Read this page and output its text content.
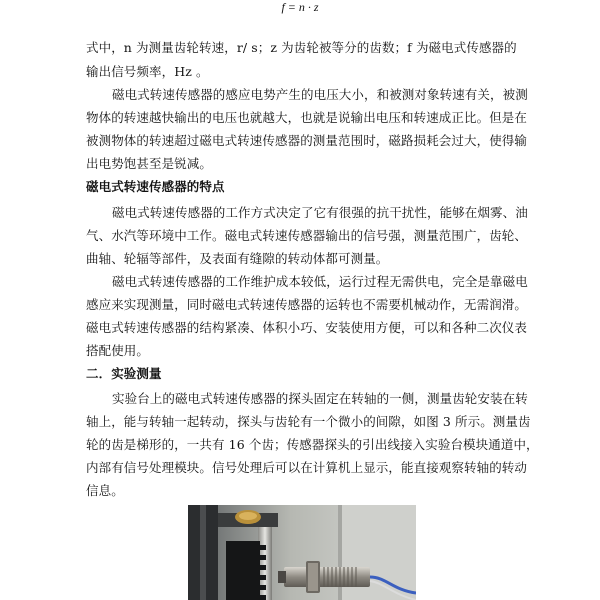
f = n · z
式中，n 为测量齿轮转速，r/ s；z 为齿轮被等分的齿数；f 为磁电式传感器的
输出信号频率，Hz 。
磁电式转速传感器的感应电势产生的电压大小，和被测对象转速有关，被测
物体的转速越快输出的电压也就越大，也就是说输出电压和转速成正比。但是在
被测物体的转速超过磁电式转速传感器的测量范围时，磁路损耗会过大，使得输
出电势饱甚至是锐减。
磁电式转速传感器的特点
磁电式转速传感器的工作方式决定了它有很强的抗干扰性，能够在烟雾、油
气、水汽等环境中工作。磁电式转速传感器输出的信号强，测量范围广，齿轮、
曲轴、轮辐等部件，及表面有缝隙的转动体都可测量。
磁电式转速传感器的工作维护成本较低，运行过程无需供电，完全是靠磁电
感应来实现测量，同时磁电式转速传感器的运转也不需要机械动作，无需润滑。
磁电式转速传感器的结构紧凑、体积小巧、安装使用方便，可以和各种二次仪表
搭配使用。
二．实验测量
实验台上的磁电式转速传感器的探头固定在转轴的一侧，测量齿轮安装在转
轴上，能与转轴一起转动，探头与齿轮有一个微小的间隙，如图 3 所示。测量齿
轮的齿是梯形的，一共有 16 个齿；传感器探头的引出线接入实验台模块通道中，
内部有信号处理模块。信号处理后可以在计算机上显示，能直接观察转轴的转动
信息。
